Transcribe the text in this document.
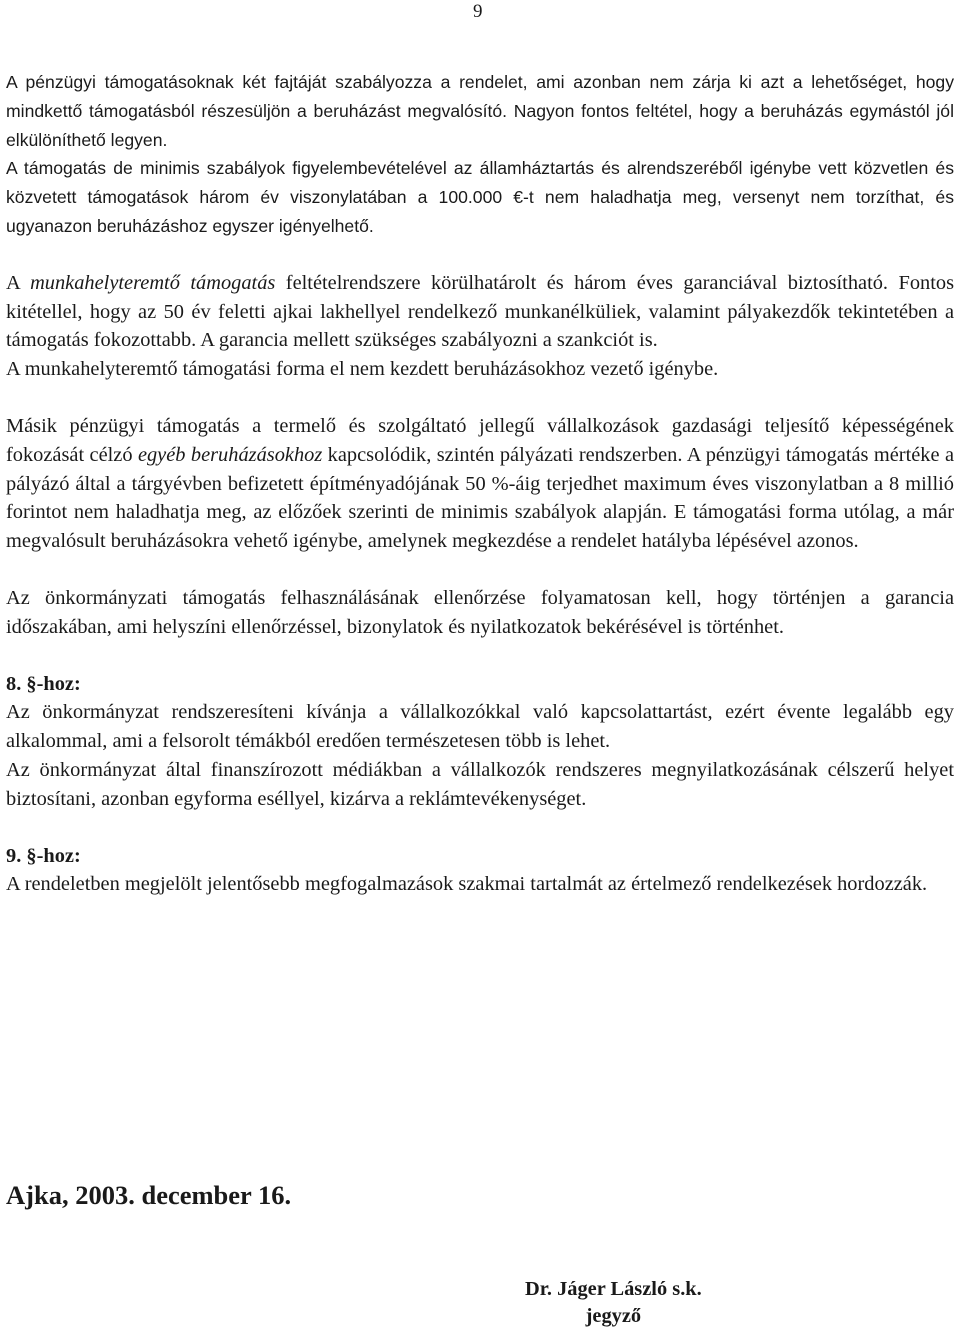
9

A pénzügyi támogatásoknak két fajtáját szabályozza a rendelet, ami azonban nem zárja ki azt a lehetőséget, hogy mindkettő támogatásból részesüljön a beruházást megvalósító. Nagyon fontos feltétel, hogy a beruházás egymástól jól elkülöníthető legyen.

A támogatás de minimis szabályok figyelembevételével az államháztartás és alrendszeréből igénybe vett közvetlen és közvetett támogatások három év viszonylatában a 100.000 €-t nem haladhatja meg, versenyt nem torzíthat, és ugyanazon beruházáshoz egyszer igényelhető.

A munkahelyteremtő támogatás feltételrendszere körülhatárolt és három éves garanciával biztosítható. Fontos kitétellel, hogy az 50 év feletti ajkai lakhellyel rendelkező munkanélküliek, valamint pályakezdők tekintetében a támogatás fokozottabb. A garancia mellett szükséges szabályozni a szankciót is.

A munkahelyteremtő támogatási forma el nem kezdett beruházásokhoz vezető igénybe.

Másik pénzügyi támogatás a termelő és szolgáltató jellegű vállalkozások gazdasági teljesítő képességének fokozását célzó egyéb beruházásokhoz kapcsolódik, szintén pályázati rendszerben. A pénzügyi támogatás mértéke a pályázó által a tárgyévben befizetett építményadójának 50 %-áig terjedhet maximum éves viszonylatban a 8 millió forintot nem haladhatja meg, az előzőek szerinti de minimis szabályok alapján. E támogatási forma utólag, a már megvalósult beruházásokra vehető igénybe, amelynek megkezdése a rendelet hatályba lépésével azonos.

Az önkormányzati támogatás felhasználásának ellenőrzése folyamatosan kell, hogy történjen a garancia időszakában, ami helyszíni ellenőrzéssel, bizonylatok és nyilatkozatok bekérésével is történhet.

8. §-hoz:

Az önkormányzat rendszeresíteni kívánja a vállalkozókkal való kapcsolattartást, ezért évente legalább egy alkalommal, ami a felsorolt témákból eredően természetesen több is lehet.

Az önkormányzat által finanszírozott médiákban a vállalkozók rendszeres megnyilatkozásának célszerű helyet biztosítani, azonban egyforma eséllyel, kizárva a reklámtevékenységet.

9. §-hoz:

A rendeletben megjelölt jelentősebb megfogalmazások szakmai tartalmát az értelmező rendelkezések hordozzák.

Ajka, 2003. december 16.
Dr. Jáger László s.k.
jegyző
